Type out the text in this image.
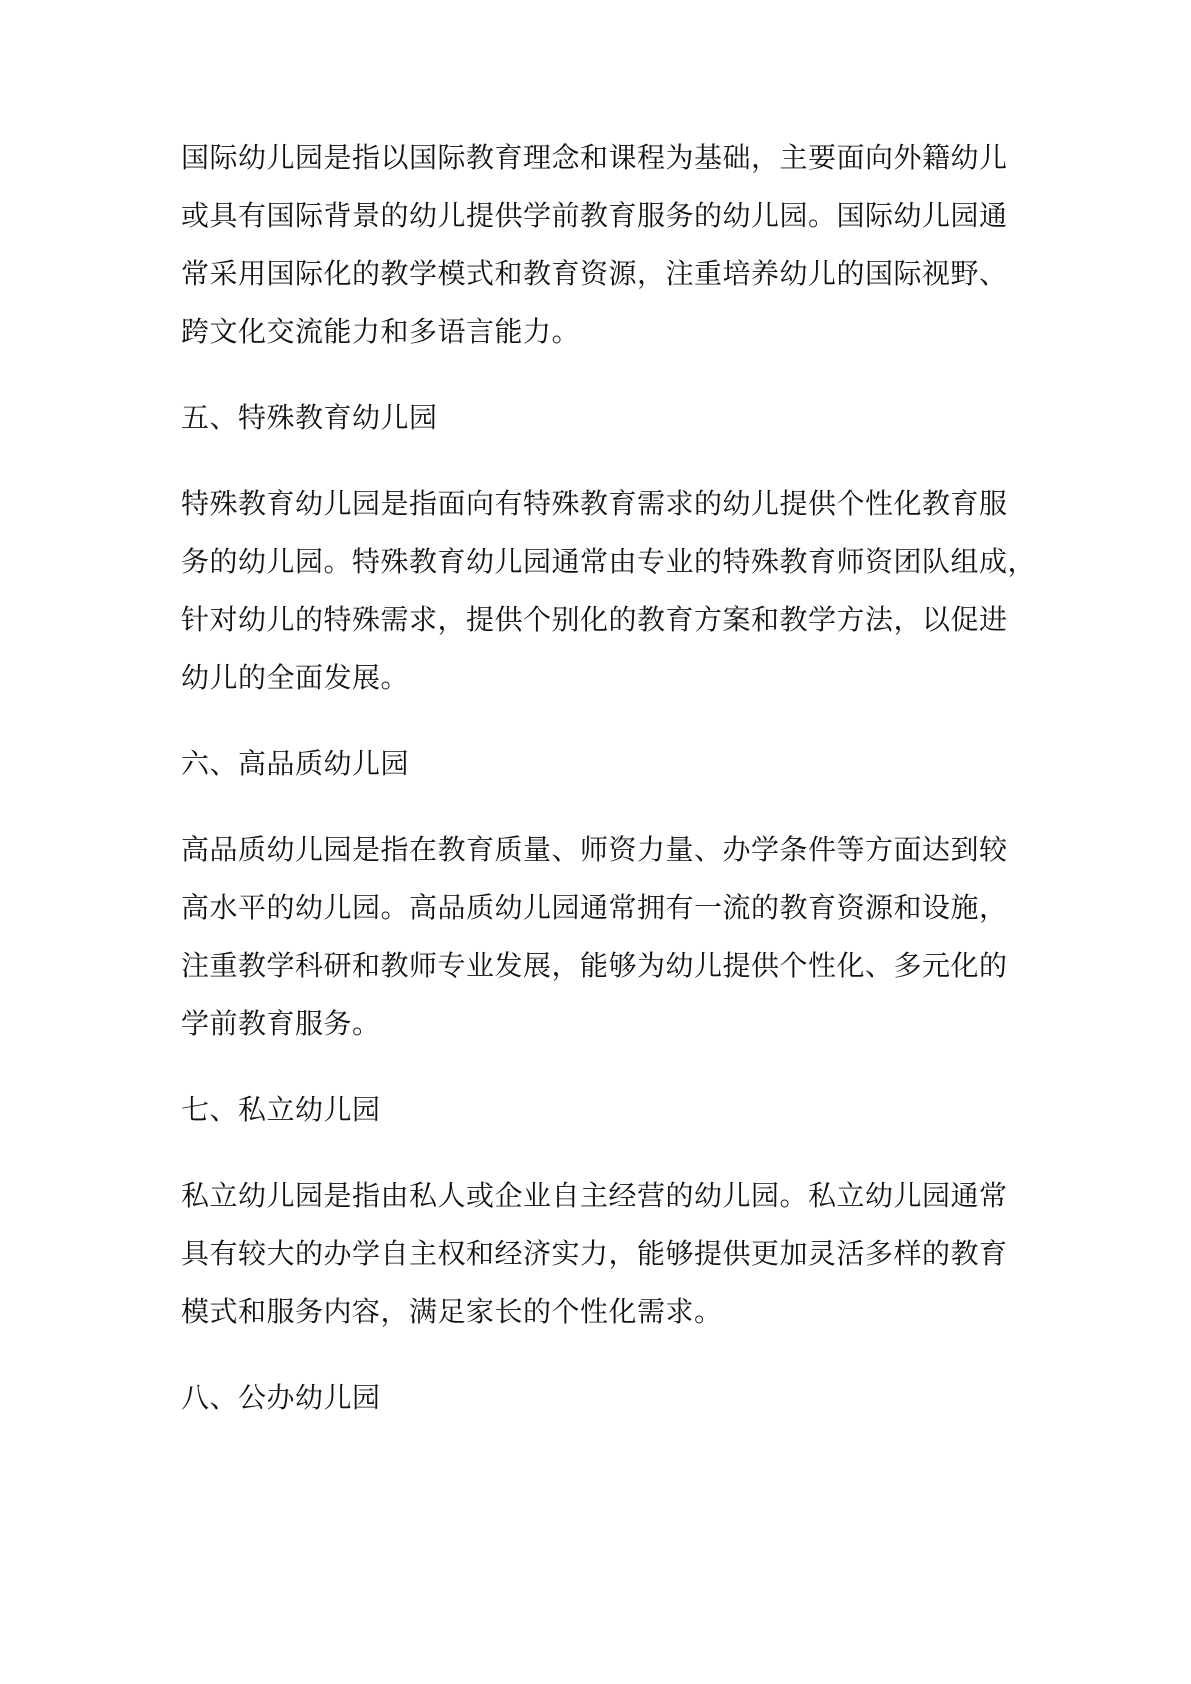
国际幼儿园是指以国际教育理念和课程为基础，主要面向外籍幼儿
或具有国际背景的幼儿提供学前教育服务的幼儿园。国际幼儿园通
常采用国际化的教学模式和教育资源，注重培养幼儿的国际视野、
跨文化交流能力和多语言能力。
五、特殊教育幼儿园
特殊教育幼儿园是指面向有特殊教育需求的幼儿提供个性化教育服
务的幼儿园。特殊教育幼儿园通常由专业的特殊教育师资团队组成，
针对幼儿的特殊需求，提供个别化的教育方案和教学方法，以促进
幼儿的全面发展。
六、高品质幼儿园
高品质幼儿园是指在教育质量、师资力量、办学条件等方面达到较
高水平的幼儿园。高品质幼儿园通常拥有一流的教育资源和设施，
注重教学科研和教师专业发展，能够为幼儿提供个性化、多元化的
学前教育服务。
七、私立幼儿园
私立幼儿园是指由私人或企业自主经营的幼儿园。私立幼儿园通常
具有较大的办学自主权和经济实力，能够提供更加灵活多样的教育
模式和服务内容，满足家长的个性化需求。
八、公办幼儿园
